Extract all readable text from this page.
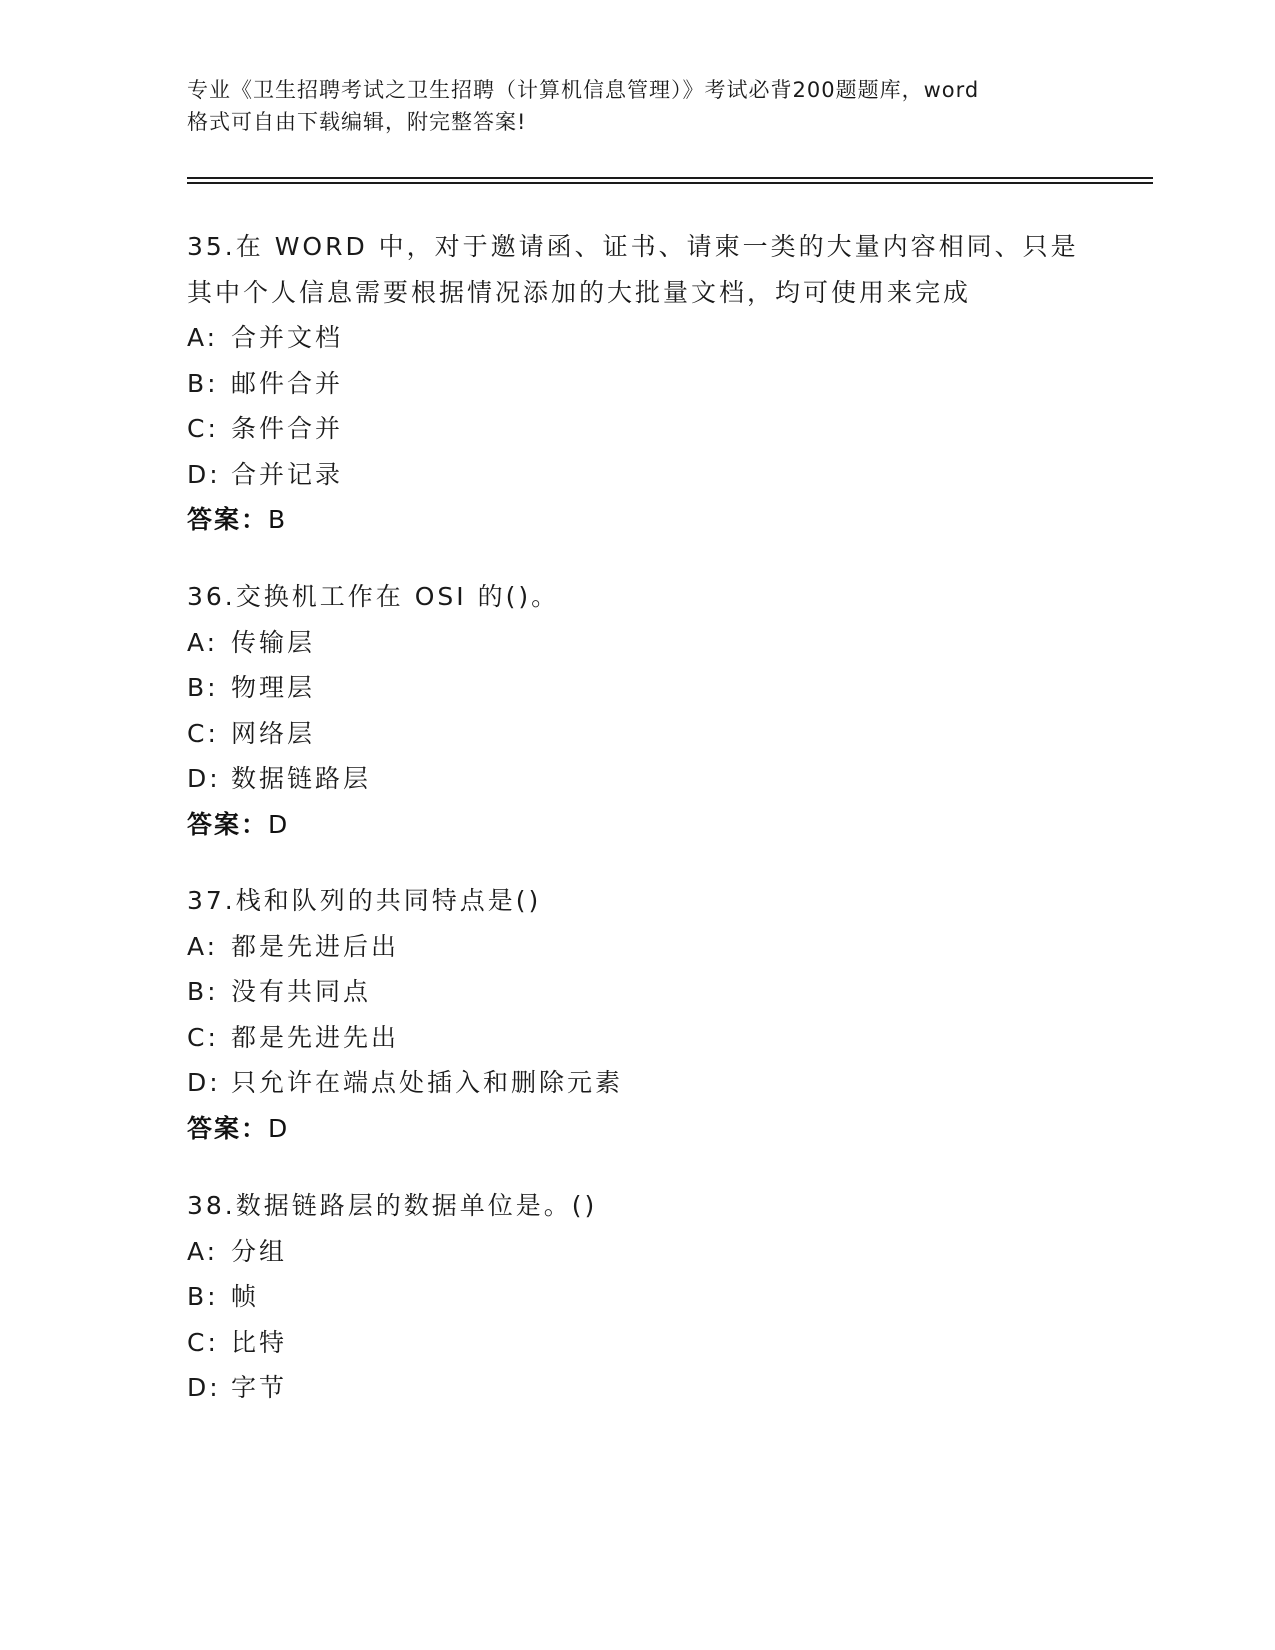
专业《卫生招聘考试之卫生招聘（计算机信息管理）》考试必背200题题库，word
格式可自由下载编辑，附完整答案!
35.在 WORD 中，对于邀请函、证书、请柬一类的大量内容相同、只是
其中个人信息需要根据情况添加的大批量文档，均可使用来完成
A: 合并文档
B: 邮件合并
C: 条件合并
D: 合并记录
答案：B
36.交换机工作在 OSI 的()。
A: 传输层
B: 物理层
C: 网络层
D: 数据链路层
答案：D
37.栈和队列的共同特点是()
A: 都是先进后出
B: 没有共同点
C: 都是先进先出
D: 只允许在端点处插入和删除元素
答案：D
38.数据链路层的数据单位是。()
A: 分组
B: 帧
C: 比特
D: 字节
